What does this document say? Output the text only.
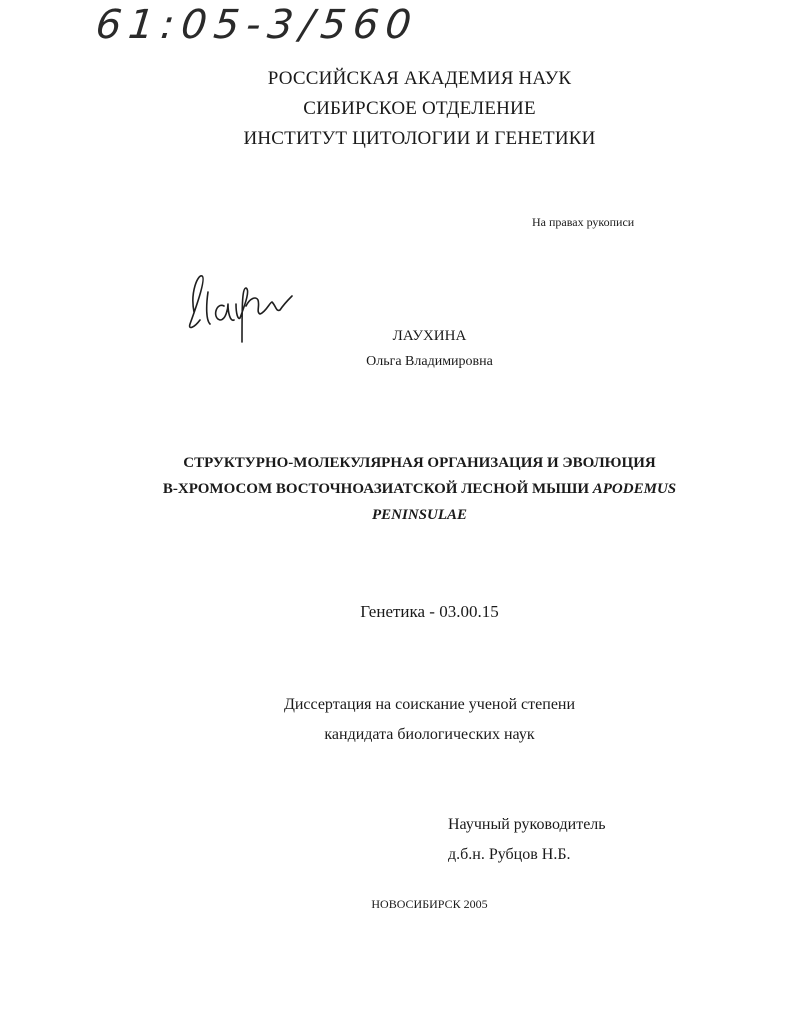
61:05-3/560
РОССИЙСКАЯ АКАДЕМИЯ НАУК
СИБИРСКОЕ ОТДЕЛЕНИЕ
ИНСТИТУТ ЦИТОЛОГИИ И ГЕНЕТИКИ
На правах рукописи
ЛАУХИНА
Ольга Владимировна
СТРУКТУРНО-МОЛЕКУЛЯРНАЯ ОРГАНИЗАЦИЯ И ЭВОЛЮЦИЯ
В-ХРОМОСОМ ВОСТОЧНОАЗИАТСКОЙ ЛЕСНОЙ МЫШИ APODEMUS
PENINSULAE
Генетика - 03.00.15
Диссертация на соискание ученой степени
кандидата биологических наук
Научный руководитель
д.б.н. Рубцов Н.Б.
НОВОСИБИРСК 2005
